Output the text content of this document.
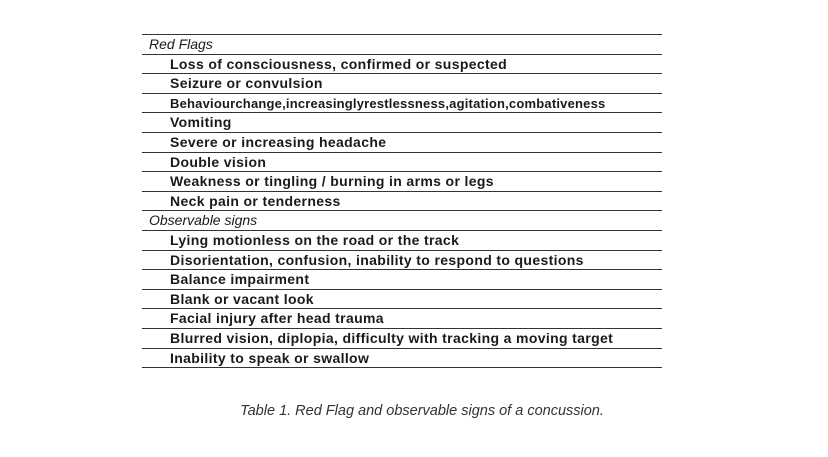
Red Flags
Loss of consciousness, confirmed or suspected
Seizure or convulsion
Behaviourchange,increasinglyrestlessness,agitation,combativeness
Vomiting
Severe or increasing headache
Double vision
Weakness or tingling / burning in arms or legs
Neck pain or tenderness
Observable signs
Lying motionless on the road or the track
Disorientation, confusion, inability to respond to questions
Balance impairment
Blank or vacant look
Facial injury after head trauma
Blurred vision, diplopia, difficulty with tracking a moving target
Inability to speak or swallow
Table 1. Red Flag and observable signs of a concussion.
